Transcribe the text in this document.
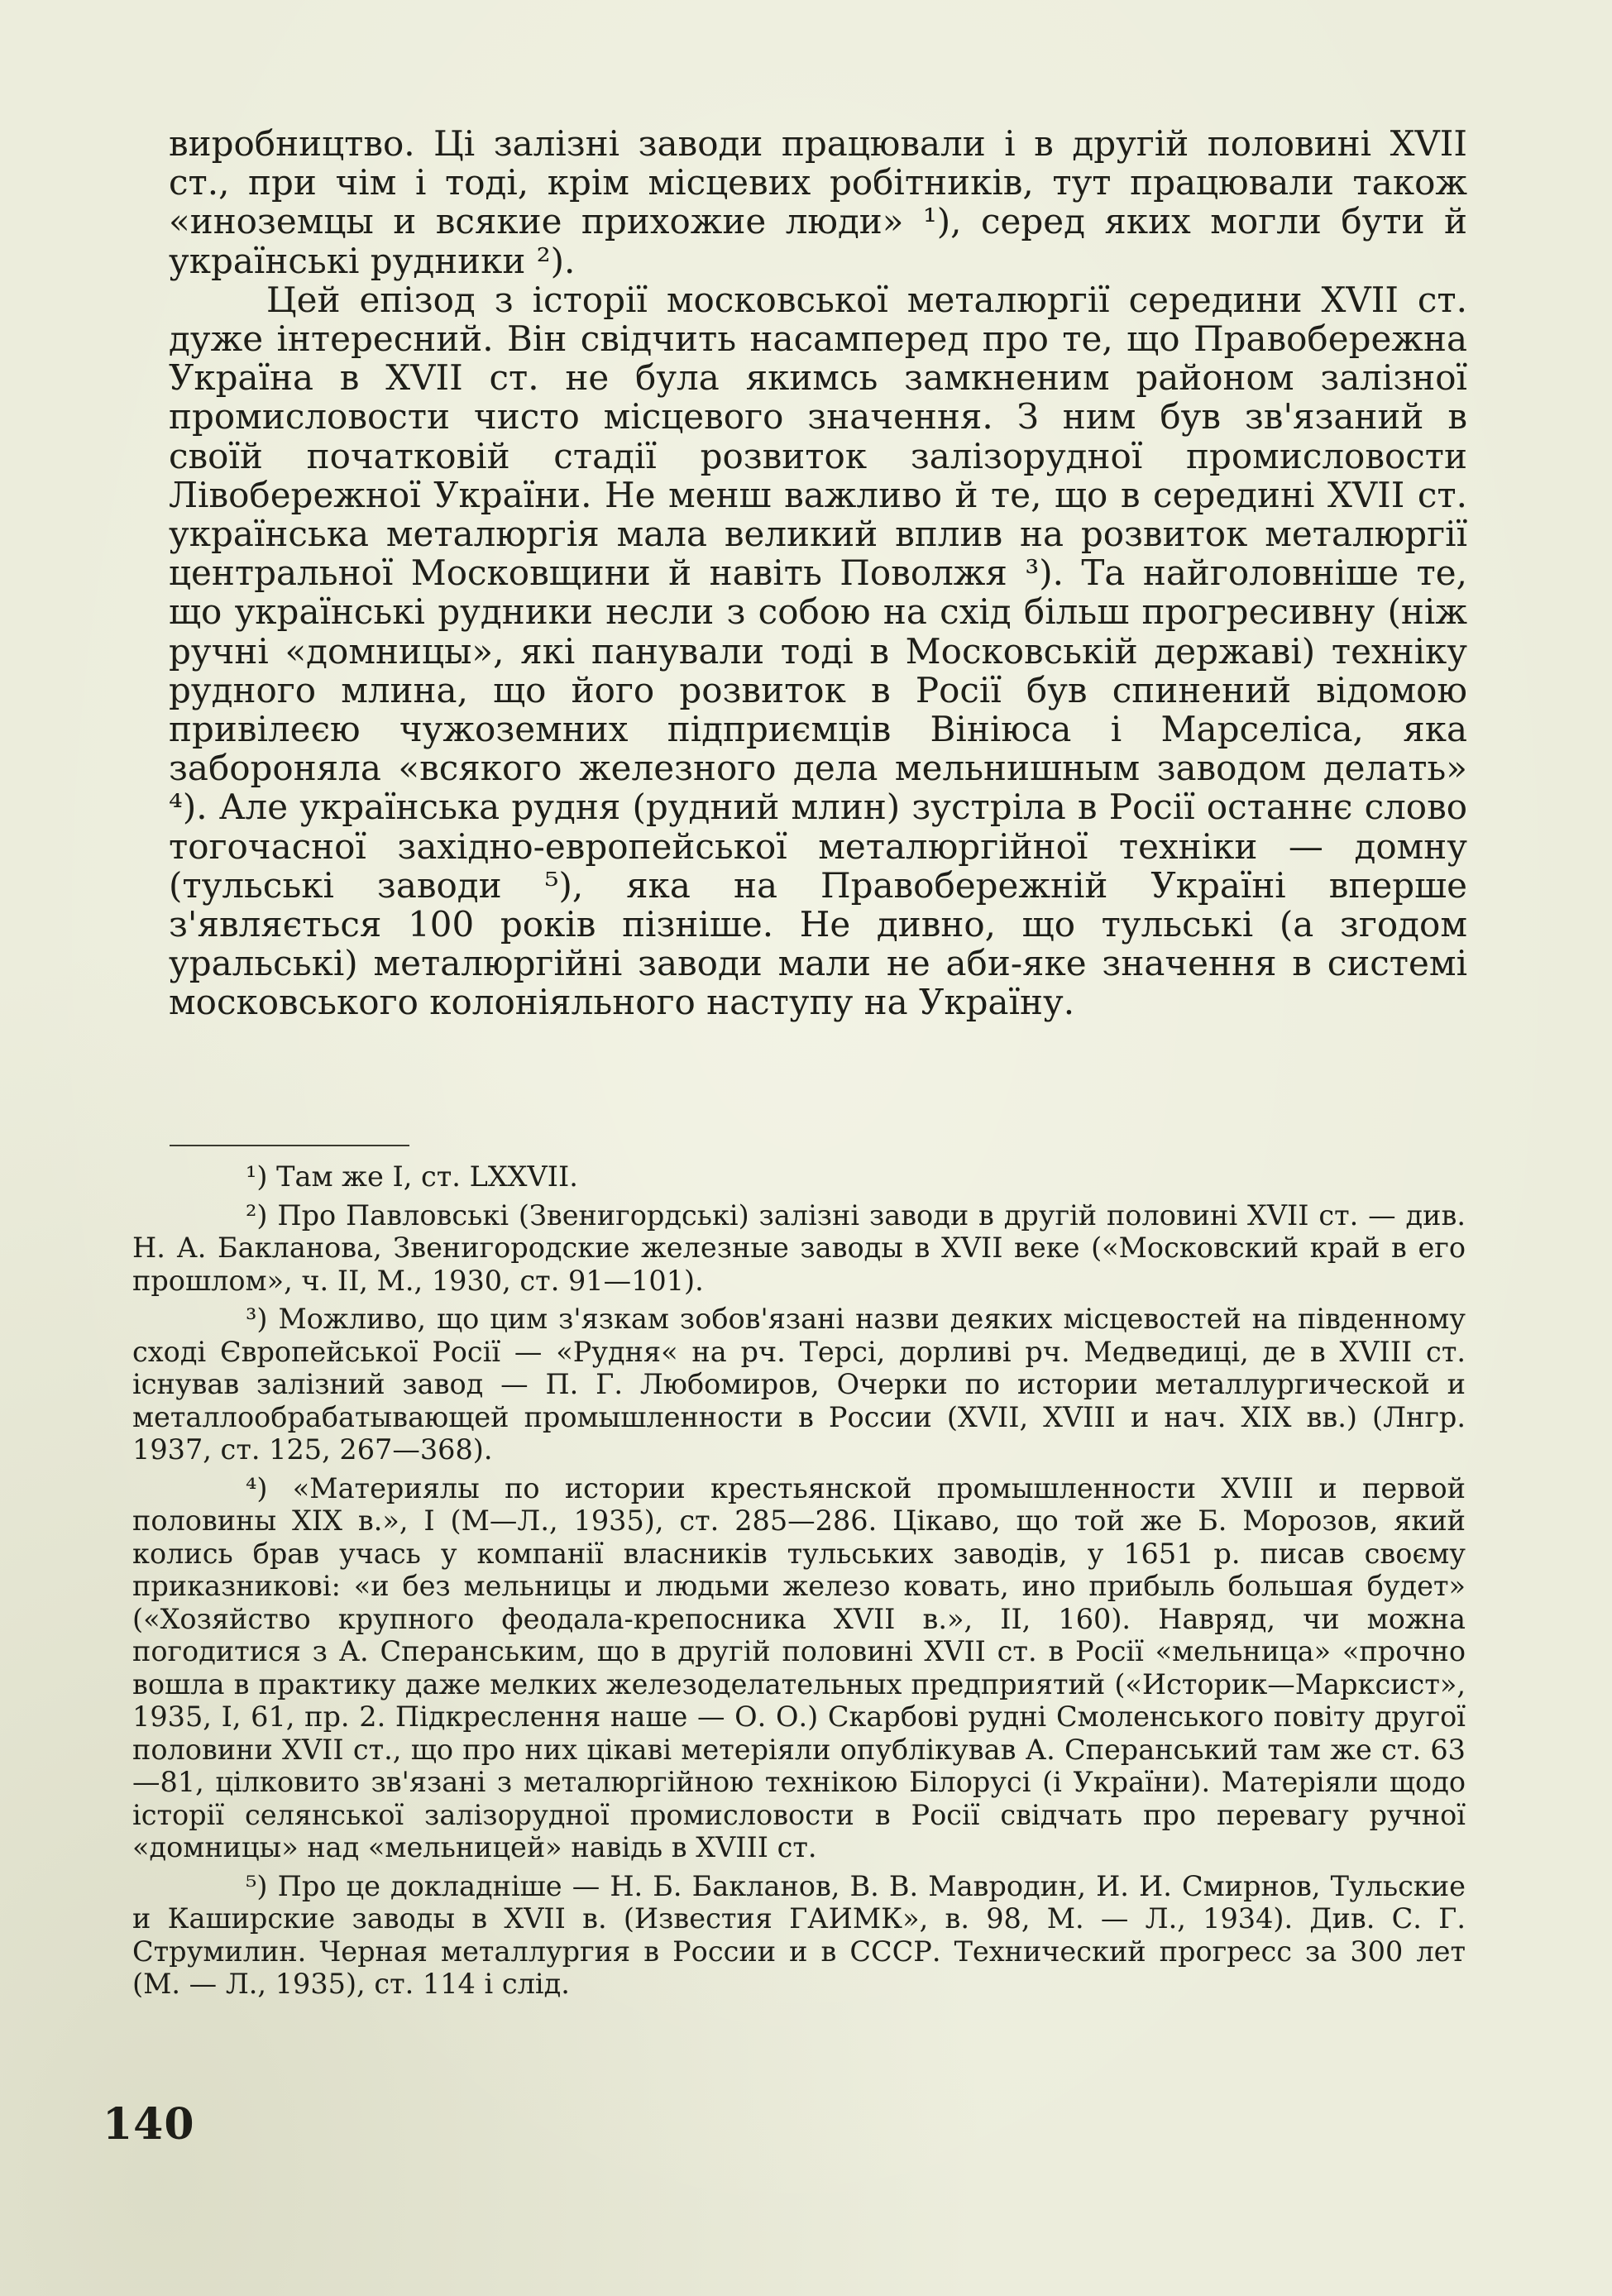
виробництво. Ці залізні заводи працювали і в другій половині XVII ст., при чім і тоді, крім місцевих робітників, тут працювали також «иноземцы и всякие прихожие люди» ¹), серед яких могли бути й українські рудники ²).

Цей епізод з історії московської металюргії середини XVII ст. дуже інтересний. Він свідчить насамперед про те, що Правобережна Україна в XVII ст. не була якимсь замкненим районом залізної промисловости чисто місцевого значення. З ним був зв'язаний в своїй початковій стадії розвиток залізорудної промисловости Лівобережної України. Не менш важливо й те, що в середині XVII ст. українська металюргія мала великий вплив на розвиток металюргії центральної Московщини й навіть Поволжя ³). Та найголовніше те, що українські рудники несли з собою на схід більш прогресивну (ніж ручні «домницы», які панували тоді в Московській державі) техніку рудного млина, що його розвиток в Росії був спинений відомою привілеєю чужоземних підприємців Вініюса і Марселіса, яка забороняла «всякого железного дела мельнишным заводом делать» ⁴). Але українська рудня (рудний млин) зустріла в Росії останнє слово тогочасної західно-европейської металюргійної техніки — домну (тульські заводи ⁵), яка на Правобережній Україні вперше з'являється 100 років пізніше. Не дивно, що тульські (а згодом уральські) металюргійні заводи мали не аби-яке значення в системі московського колоніяльного наступу на Україну.

¹) Там же I, ст. LXXVII.

²) Про Павловські (Звенигордські) залізні заводи в другій половині XVII ст. — див. Н. А. Бакланова, Звенигородские железные заводы в XVII веке («Московский край в его прошлом», ч. II, М., 1930, ст. 91—101).

³) Можливо, що цим з'язкам зобов'язані назви деяких місцевостей на південному сході Європейської Росії — «Рудня« на рч. Терсі, дopливі рч. Медведиці, де в XVIII ст. існував залізний завод — П. Г. Любомиров, Очерки по истории металлургической и металлообрабатывающей промышленности в России (XVII, XVIII и нач. XIX вв.) (Лнгр. 1937, ст. 125, 267—368).

⁴) «Материялы по истории крестьянской промышленности XVIII и первой половины XIX в.», I (М—Л., 1935), ст. 285—286. Цікаво, що той же Б. Морозов, який колись брав учась у компанії власників тульських заводів, у 1651 р. писав своєму приказникові: «и без мельницы и людьми железо ковать, ино прибыль большая будет» («Хозяйство крупного феодала-крепосника XVII в.», II, 160). Навряд, чи можна погодитися з А. Сперанським, що в другій половині XVII ст. в Росії «мельница» «прочно вошла в практику даже мелких железоделательных предприятий («Историк—Марксист», 1935, I, 61, пр. 2. Підкреслення наше — О. О.) Скарбові рудні Смоленського повіту другої половини XVII ст., що про них цікаві метеріяли опублікував А. Сперанський там же ст. 63—81, цілковито зв'язані з металюргійною технікою Білорусі (і України). Матеріяли щодо історії селянської залізорудної промисловости в Росії свідчать про перевагу ручної «домницы» над «мельницей» навідь в XVIII ст.

⁵) Про це докладніше — Н. Б. Бакланов, В. В. Мавродин, И. И. Смирнов, Тульские и Каширские заводы в XVII в. (Известия ГАИМК», в. 98, М. — Л., 1934). Див. С. Г. Струмилин. Черная металлургия в России и в СССР. Технический прогресс за 300 лет (М. — Л., 1935), ст. 114 і слід.

140
